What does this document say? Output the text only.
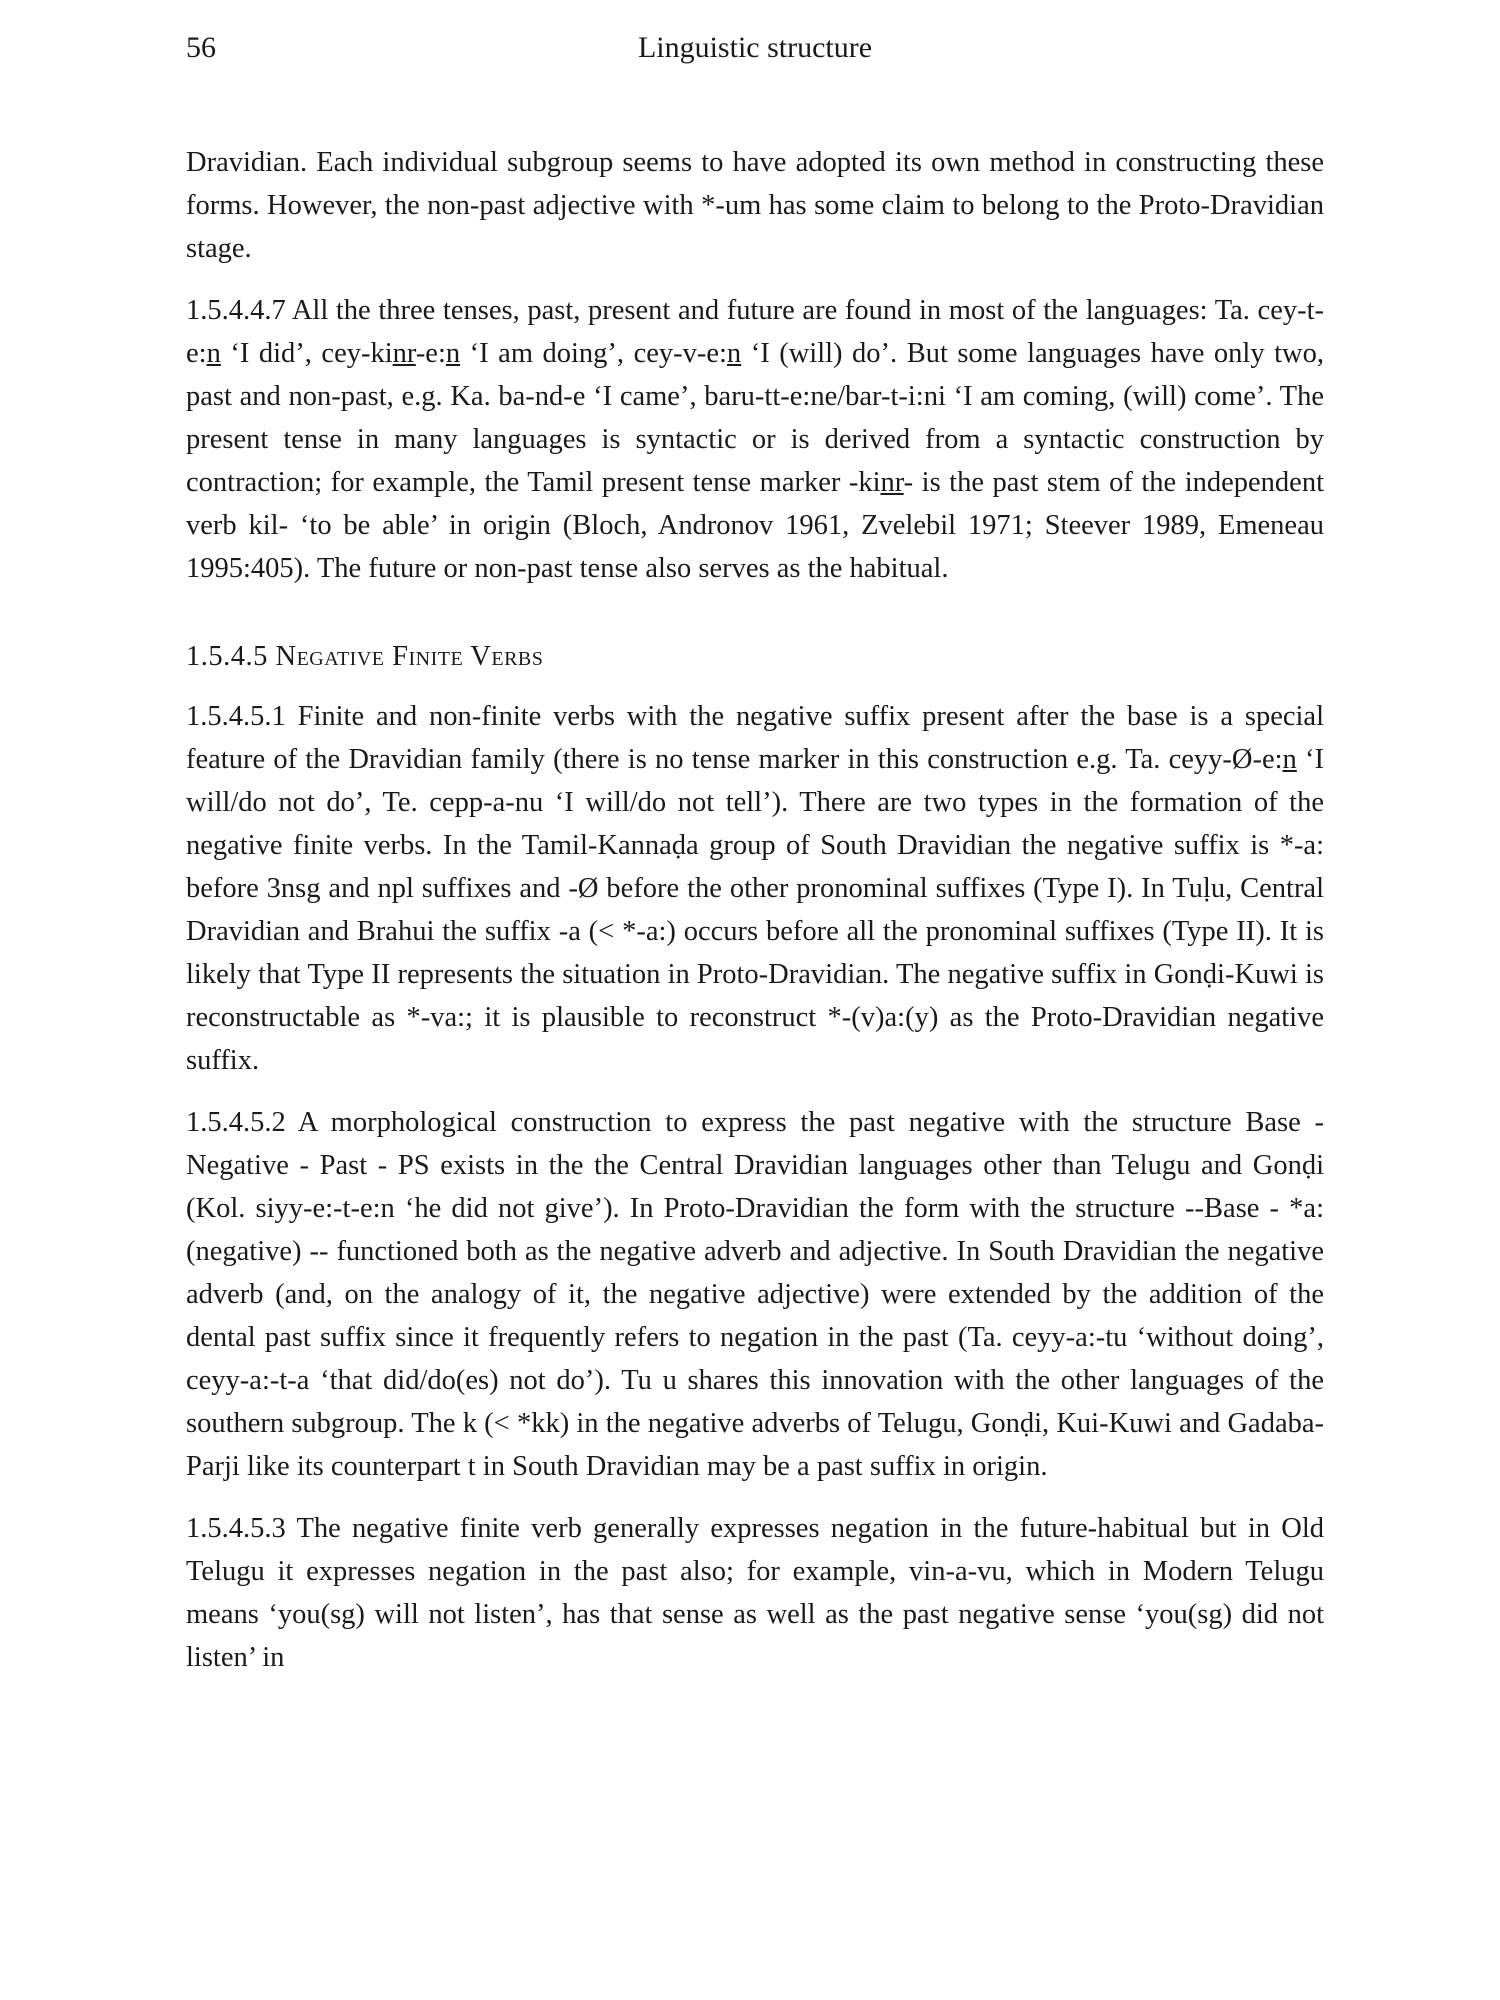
56	Linguistic structure

Dravidian. Each individual subgroup seems to have adopted its own method in constructing these forms. However, the non-past adjective with *-um has some claim to belong to the Proto-Dravidian stage.

1.5.4.4.7 All the three tenses, past, present and future are found in most of the languages: Ta. cey-t-e:n ‘I did’, cey-kinr-e:n ‘I am doing’, cey-v-e:n ‘I (will) do’. But some languages have only two, past and non-past, e.g. Ka. ba-nd-e ‘I came’, baru-tt-e:ne/bar-t-i:ni ‘I am coming, (will) come’. The present tense in many languages is syntactic or is derived from a syntactic construction by contraction; for example, the Tamil present tense marker -kinr- is the past stem of the independent verb kil- ‘to be able’ in origin (Bloch, Andronov 1961, Zvelebil 1971; Steever 1989, Emeneau 1995:405). The future or non-past tense also serves as the habitual.

1.5.4.5 Negative Finite Verbs

1.5.4.5.1 Finite and non-finite verbs with the negative suffix present after the base is a special feature of the Dravidian family (there is no tense marker in this construction e.g. Ta. ceyy-Ø-e:n ‘I will/do not do’, Te. cepp-a-nu ‘I will/do not tell’). There are two types in the formation of the negative finite verbs. In the Tamil-Kannaḍa group of South Dravidian the negative suffix is *-a: before 3nsg and npl suffixes and -Ø before the other pronominal suffixes (Type I). In Tuḷu, Central Dravidian and Brahui the suffix -a (< *-a:) occurs before all the pronominal suffixes (Type II). It is likely that Type II represents the situation in Proto-Dravidian. The negative suffix in Gonḍi-Kuwi is reconstructable as *-va:; it is plausible to reconstruct *-(v)a:(y) as the Proto-Dravidian negative suffix.

1.5.4.5.2 A morphological construction to express the past negative with the structure Base - Negative - Past - PS exists in the the Central Dravidian languages other than Telugu and Gonḍi (Kol. siyy-e:-t-e:n ‘he did not give’). In Proto-Dravidian the form with the structure --Base - *a: (negative) -- functioned both as the negative adverb and adjective. In South Dravidian the negative adverb (and, on the analogy of it, the negative adjective) were extended by the addition of the dental past suffix since it frequently refers to negation in the past (Ta. ceyy-a:-tu ‘without doing’, ceyy-a:-t-a ‘that did/do(es) not do’). Tu u shares this innovation with the other languages of the southern subgroup. The k (< *kk) in the negative adverbs of Telugu, Gonḍi, Kui-Kuwi and Gadaba-Parji like its counterpart t in South Dravidian may be a past suffix in origin.

1.5.4.5.3 The negative finite verb generally expresses negation in the future-habitual but in Old Telugu it expresses negation in the past also; for example, vin-a-vu, which in Modern Telugu means ‘you(sg) will not listen’, has that sense as well as the past negative sense ‘you(sg) did not listen’ in
